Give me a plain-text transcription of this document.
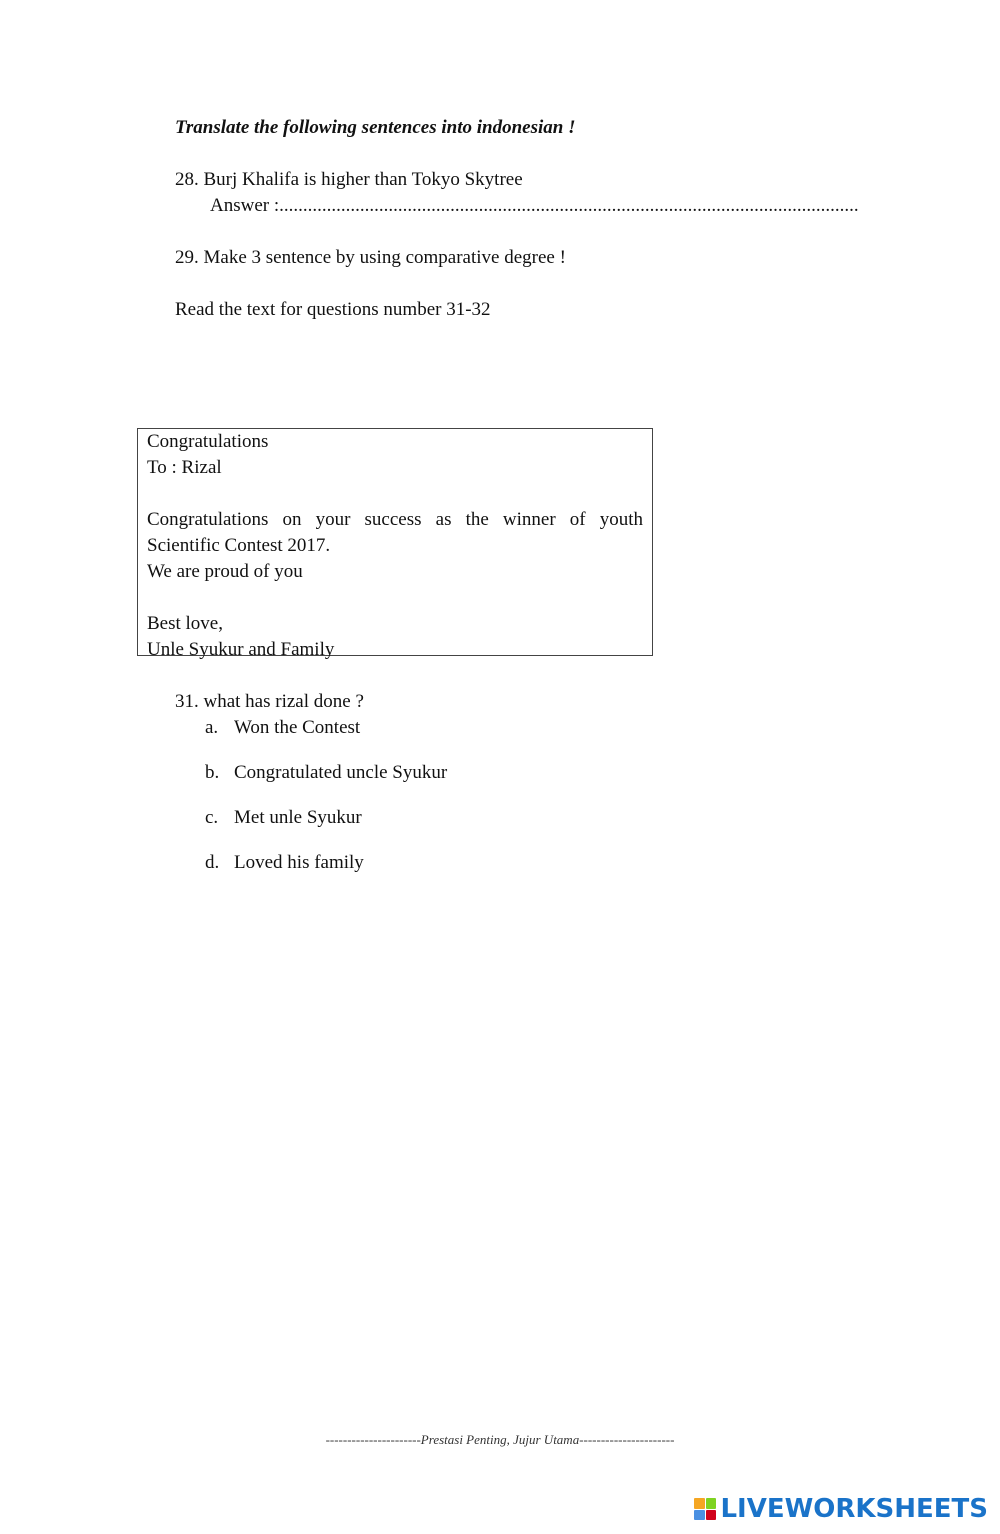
Translate the following sentences into indonesian !
28. Burj Khalifa is higher than Tokyo Skytree
Answer :..........................................................................................................................
29. Make 3 sentence by using comparative degree !
Read the text for questions number 31-32
Congratulations
To : Rizal
Congratulations on your success as the winner of youth
Scientific Contest 2017.
We are proud of you
Best love,
Unle Syukur and Family
31. what has rizal done ?
a. Won the Contest
b. Congratulated uncle Syukur
c. Met unle Syukur
d. Loved his family
----------------------Prestasi Penting, Jujur Utama----------------------
LIVEWORKSHEETS
